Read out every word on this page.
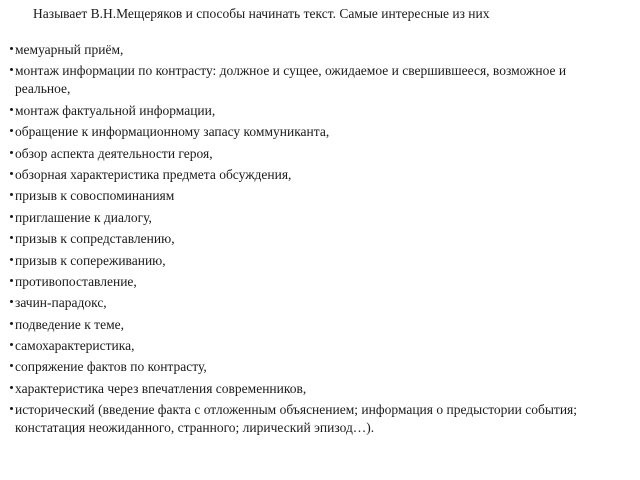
Называет В.Н.Мещеряков и способы начинать текст. Самые интересные из них
мемуарный приём,
монтаж информации по контрасту: должное и сущее, ожидаемое и свершившееся, возможное и реальное,
монтаж фактуальной информации,
обращение к информационному запасу коммуниканта,
обзор аспекта деятельности героя,
обзорная характеристика предмета обсуждения,
призыв к совоспоминаниям
приглашение к диалогу,
призыв к сопредставлению,
призыв к сопереживанию,
противопоставление,
зачин-парадокс,
подведение к теме,
самохарактеристика,
сопряжение фактов по контрасту,
характеристика через впечатления современников,
исторический (введение факта с отложенным объяснением; информация о предыстории события; констатация неожиданного, странного; лирический эпизод…).
